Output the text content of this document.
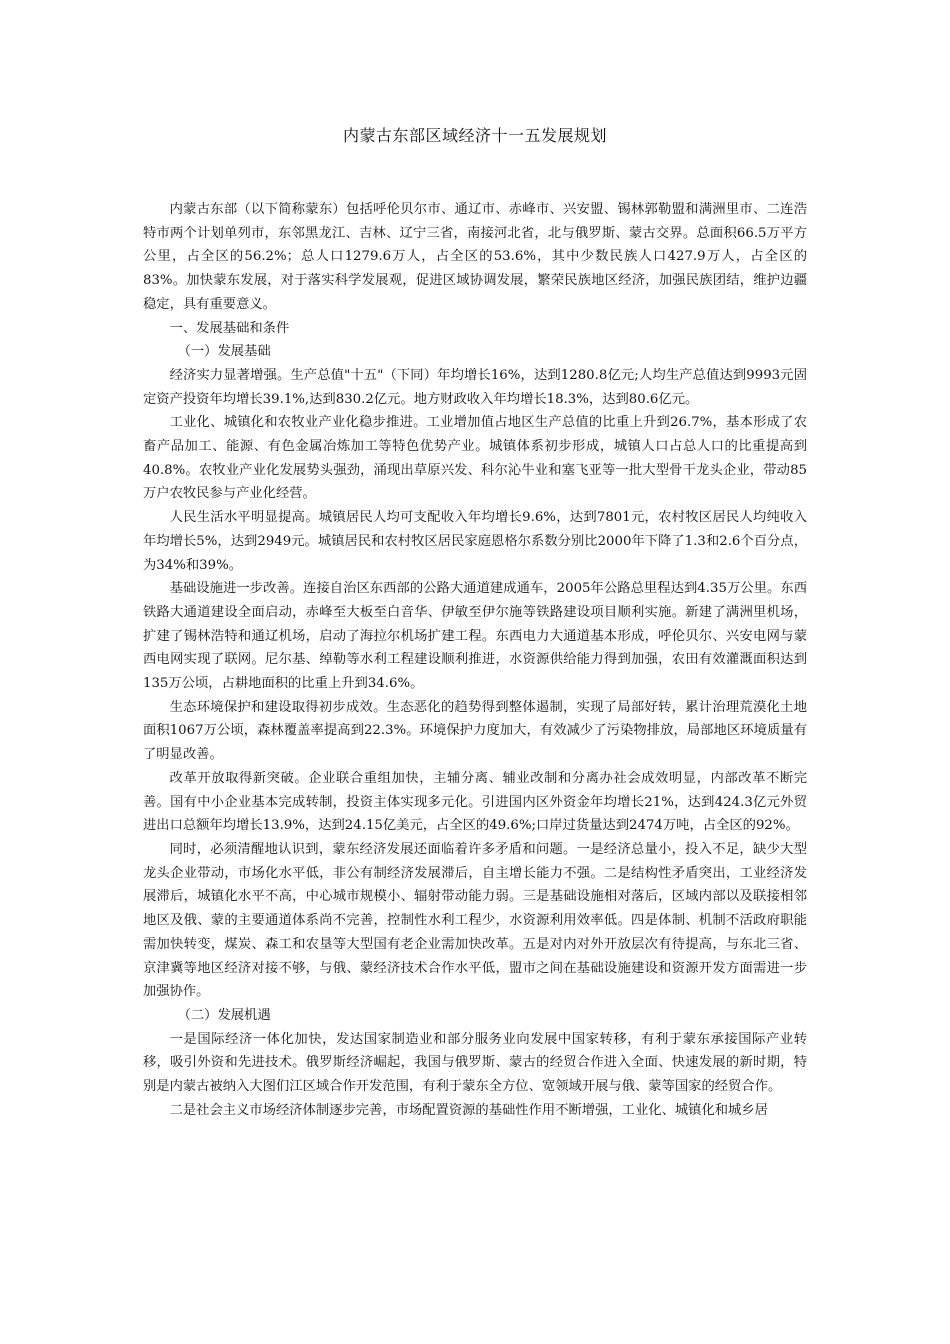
内蒙古东部区域经济十一五发展规划

内蒙古东部（以下简称蒙东）包括呼伦贝尔市、通辽市、赤峰市、兴安盟、锡林郭勒盟和满洲里市、二连浩特市两个计划单列市，东邻黑龙江、吉林、辽宁三省，南接河北省，北与俄罗斯、蒙古交界。总面积66.5万平方公里，占全区的56.2%；总人口1279.6万人，占全区的53.6%，其中少数民族人口427.9万人，占全区的83%。加快蒙东发展，对于落实科学发展观，促进区域协调发展，繁荣民族地区经济，加强民族团结，维护边疆稳定，具有重要意义。

一、发展基础和条件

（一）发展基础

经济实力显著增强。生产总值"十五"（下同）年均增长16%，达到1280.8亿元;人均生产总值达到9993元固定资产投资年均增长39.1%,达到830.2亿元。地方财政收入年均增长18.3%，达到80.6亿元。

工业化、城镇化和农牧业产业化稳步推进。工业增加值占地区生产总值的比重上升到26.7%，基本形成了农畜产品加工、能源、有色金属冶炼加工等特色优势产业。城镇体系初步形成，城镇人口占总人口的比重提高到40.8%。农牧业产业化发展势头强劲，涌现出草原兴发、科尔沁牛业和塞飞亚等一批大型骨干龙头企业，带动85万户农牧民参与产业化经营。

人民生活水平明显提高。城镇居民人均可支配收入年均增长9.6%，达到7801元，农村牧区居民人均纯收入年均增长5%，达到2949元。城镇居民和农村牧区居民家庭恩格尔系数分别比2000年下降了1.3和2.6个百分点，为34%和39%。

基础设施进一步改善。连接自治区东西部的公路大通道建成通车，2005年公路总里程达到4.35万公里。东西铁路大通道建设全面启动，赤峰至大板至白音华、伊敏至伊尔施等铁路建设项目顺利实施。新建了满洲里机场，扩建了锡林浩特和通辽机场，启动了海拉尔机场扩建工程。东西电力大通道基本形成，呼伦贝尔、兴安电网与蒙西电网实现了联网。尼尔基、绰勒等水利工程建设顺利推进，水资源供给能力得到加强，农田有效灌溉面积达到135万公顷，占耕地面积的比重上升到34.6%。

生态环境保护和建设取得初步成效。生态恶化的趋势得到整体遏制，实现了局部好转，累计治理荒漠化土地面积1067万公顷，森林覆盖率提高到22.3%。环境保护力度加大，有效减少了污染物排放，局部地区环境质量有了明显改善。

改革开放取得新突破。企业联合重组加快，主辅分离、辅业改制和分离办社会成效明显，内部改革不断完善。国有中小企业基本完成转制，投资主体实现多元化。引进国内区外资金年均增长21%，达到424.3亿元外贸进出口总额年均增长13.9%，达到24.15亿美元，占全区的49.6%;口岸过货量达到2474万吨，占全区的92%。

同时，必须清醒地认识到，蒙东经济发展还面临着许多矛盾和问题。一是经济总量小，投入不足，缺少大型龙头企业带动，市场化水平低，非公有制经济发展滞后，自主增长能力不强。二是结构性矛盾突出，工业经济发展滞后，城镇化水平不高，中心城市规模小、辐射带动能力弱。三是基础设施相对落后，区域内部以及联接相邻地区及俄、蒙的主要通道体系尚不完善，控制性水利工程少，水资源利用效率低。四是体制、机制不活政府职能需加快转变，煤炭、森工和农垦等大型国有老企业需加快改革。五是对内对外开放层次有待提高，与东北三省、京津冀等地区经济对接不够，与俄、蒙经济技术合作水平低，盟市之间在基础设施建设和资源开发方面需进一步加强协作。

（二）发展机遇

一是国际经济一体化加快，发达国家制造业和部分服务业向发展中国家转移，有利于蒙东承接国际产业转移，吸引外资和先进技术。俄罗斯经济崛起，我国与俄罗斯、蒙古的经贸合作进入全面、快速发展的新时期，特别是内蒙古被纳入大图们江区域合作开发范围，有利于蒙东全方位、宽领域开展与俄、蒙等国家的经贸合作。

二是社会主义市场经济体制逐步完善，市场配置资源的基础性作用不断增强，工业化、城镇化和城乡居
